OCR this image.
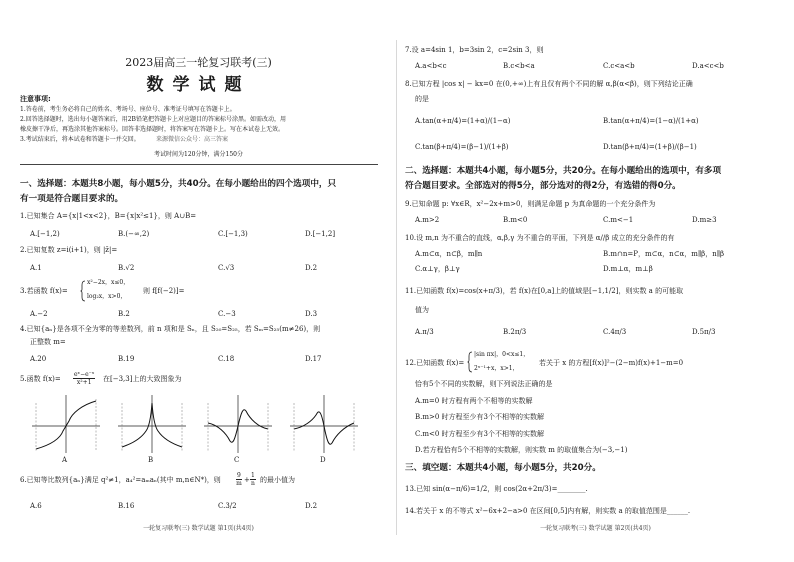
2023届高三一轮复习联考(三)
数学试题
注意事项:
1.答卷前，考生务必将自己的姓名、考场号、座位号、准考证号填写在答题卡上。
2.回答选择题时，选出每小题答案后，用2B铅笔把答题卡上对应题目的答案标号涂黑。如需改动，用
橡皮擦干净后，再选涂其他答案标号。回答非选择题时，将答案写在答题卡上。写在本试卷上无效。
3.考试结束后，将本试卷和答题卡一并交回。	来源微信公众号：高三答案
考试时间为120分钟，满分150分
一、选择题：本题共8小题，每小题5分，共40分。在每小题给出的四个选项中，只
有一项是符合题目要求的。
1.已知集合 A={x|1<x<2}，B={x|x²≤1}，则 A∪B=
A.[−1,2)	B.(−∞,2)	C.[−1,3)	D.[−1,2]
2.已知复数 z=i(i+1)，则 |z̄|=
A.1	B.√2	C.√3	D.2
3.若函数 f(x)=
x²−2x，x≤0，
log₂x，x>0，
则 f[f(−2)]=
A.−2	B.2	C.−3	D.3
4.已知{aₙ}是各项不全为零的等差数列，前 n 项和是 Sₙ，且 S₂₀=S₂₅，若 Sₘ=S₂₅(m≠26)，则
正整数 m=
A.20	B.19	C.18	D.17
5.函数 $f(x)= \frac{\text{eˣ−e⁻ˣ}}{\text{x²+1}}$ 在[−3,3]上的大致图象为
A	B	C	D
6.已知等比数列{aₙ}满足 q²≠1，a₄²=aₘaₙ(其中 m,n∈N*)，则	$\frac{9}{m} + \frac{1}{n}$ 的最小值为
A.6	B.16	C.3/2	D.2
一轮复习联考(三) 数学试题 第1页(共4页)
7.设 a=4sin 1，b=3sin 2，c=2sin 3，则
A.a<b<c	B.c<b<a	C.c<a<b	D.a<c<b
8.已知方程 |cos x| − kx=0 在(0,+∞)上有且仅有两个不同的解 α,β(α<β)，则下列结论正确
的是
A.tan(α+π/4)=(1+α)/(1−α)	B.tan(α+π/4)=(1−α)/(1+α)
C.tan(β+π/4)=(β−1)/(1+β)	D.tan(β+π/4)=(1+β)/(β−1)
二、选择题：本题共4小题，每小题5分，共20分。在每小题给出的选项中，有多项
符合题目要求。全部选对的得5分，部分选对的得2分，有选错的得0分。
9.已知命题 p: ∀x∈R，x²−2x+m>0，则满足命题 p 为真命题的一个充分条件为
A.m>2	B.m<0	C.m<−1	D.m≥3
10.设 m,n 为不重合的直线，α,β,γ 为不重合的平面，下列是 α//β 成立的充分条件的有
A.m⊂α，n⊂β，m∥n	B.m∩n=P，m⊂α，n⊂α，m∥β，n∥β
C.α⊥γ，β⊥γ	D.m⊥α，m⊥β
11.已知函数 f(x)=cos(x+π/3)，若 f(x)在[0,a]上的值域是[−1,1/2]，则实数 a 的可能取
值为
A.π/3	B.2π/3	C.4π/3	D.5π/3
12.已知函数 f(x)=
|sin πx|，0<x≤1，
2ˣ⁻¹+x，x>1，
若关于 x 的方程[f(x)]²−(2−m)f(x)+1−m=0
恰有5个不同的实数解，则下列说法正确的是
A.m=0 时方程有两个不相等的实数解
B.m>0 时方程至少有3个不相等的实数解
C.m<0 时方程至少有3个不相等的实数解
D.若方程恰有5个不相等的实数解，则实数 m 的取值集合为(−3,−1)
三、填空题：本题共4小题，每小题5分，共20分。
13.已知 sin(α−π/6)=1/2，则 cos(2α+2π/3)=________.
14.若关于 x 的不等式 x²−6x+2−a>0 在区间[0,5]内有解，则实数 a 的取值范围是______.
一轮复习联考(三) 数学试题 第2页(共4页)
